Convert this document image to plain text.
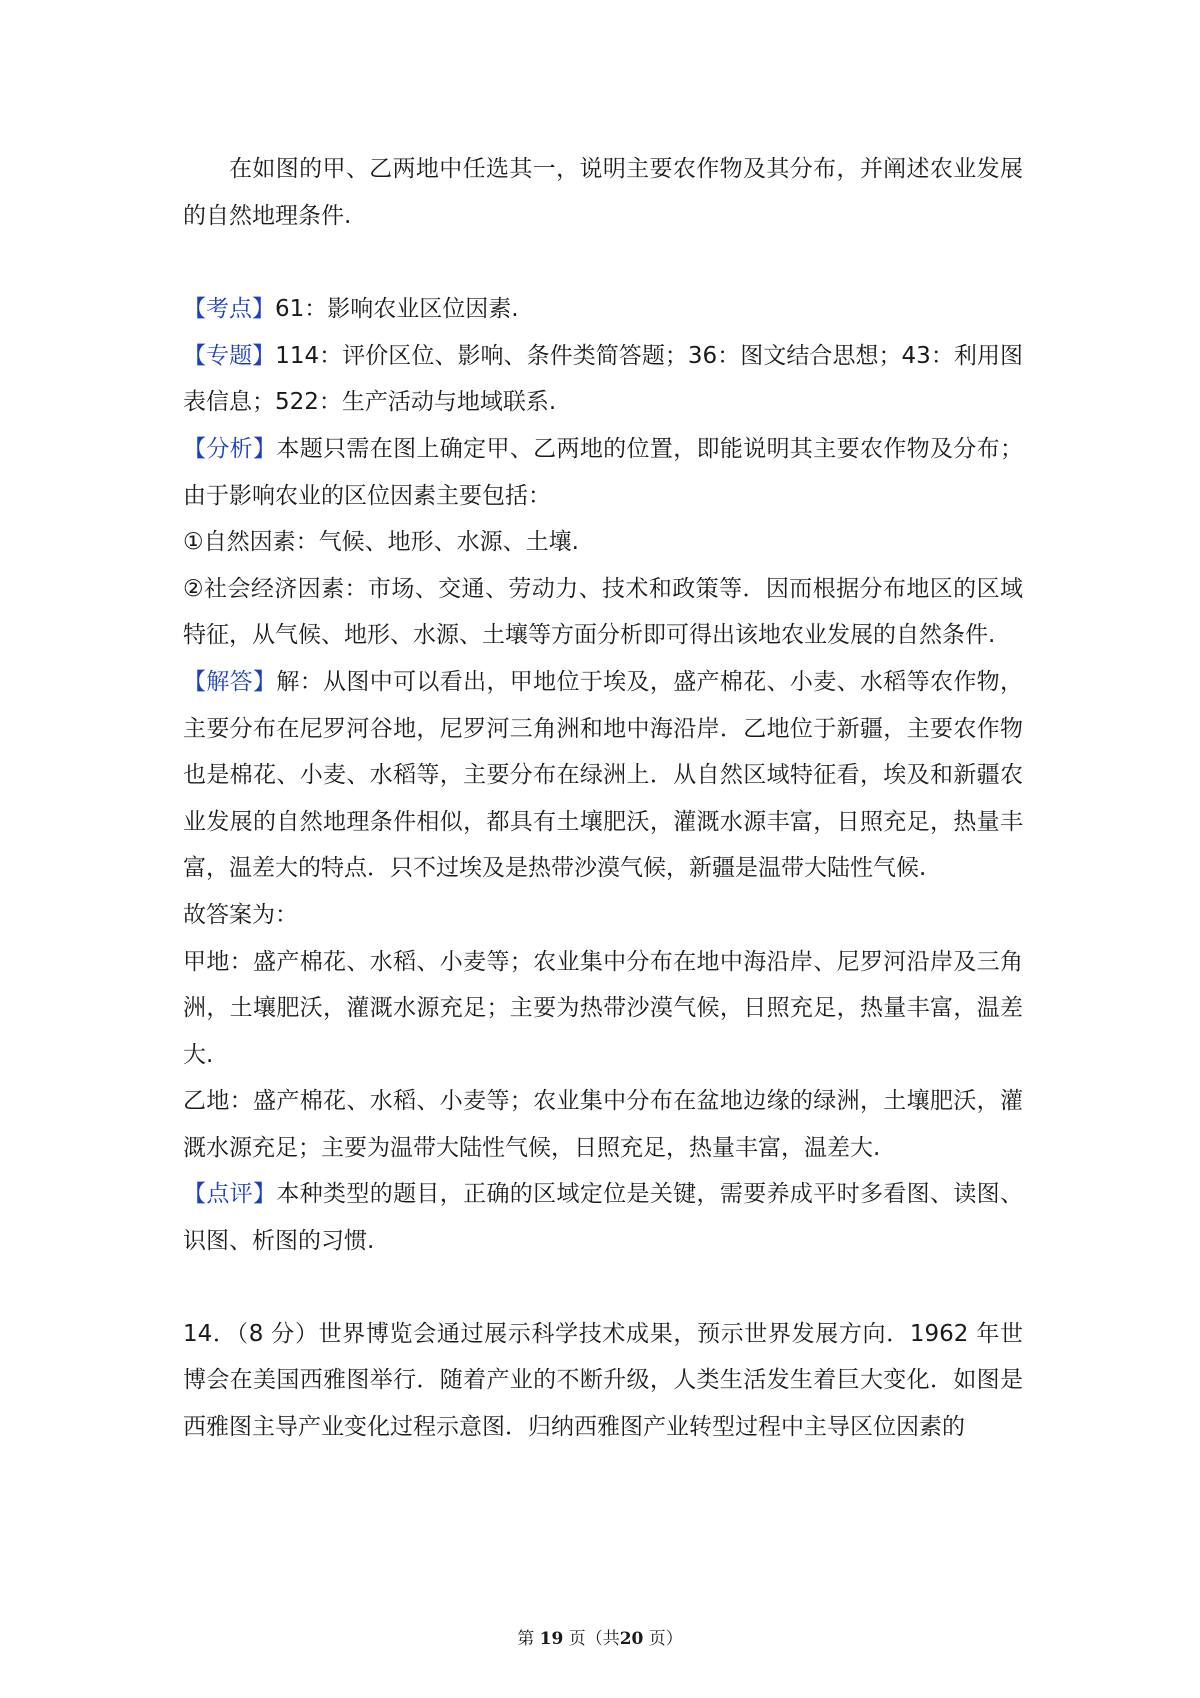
在如图的甲、乙两地中任选其一，说明主要农作物及其分布，并阐述农业发展的自然地理条件.

【考点】61：影响农业区位因素.

【专题】114：评价区位、影响、条件类简答题；36：图文结合思想；43：利用图表信息；522：生产活动与地域联系.

【分析】本题只需在图上确定甲、乙两地的位置，即能说明其主要农作物及分布；由于影响农业的区位因素主要包括：

①自然因素：气候、地形、水源、土壤.

②社会经济因素：市场、交通、劳动力、技术和政策等．因而根据分布地区的区域特征，从气候、地形、水源、土壤等方面分析即可得出该地农业发展的自然条件.

【解答】解：从图中可以看出，甲地位于埃及，盛产棉花、小麦、水稻等农作物，主要分布在尼罗河谷地，尼罗河三角洲和地中海沿岸．乙地位于新疆，主要农作物也是棉花、小麦、水稻等，主要分布在绿洲上．从自然区域特征看，埃及和新疆农业发展的自然地理条件相似，都具有土壤肥沃，灌溉水源丰富，日照充足，热量丰富，温差大的特点．只不过埃及是热带沙漠气候，新疆是温带大陆性气候.

故答案为：

甲地：盛产棉花、水稻、小麦等；农业集中分布在地中海沿岸、尼罗河沿岸及三角洲，土壤肥沃，灌溉水源充足；主要为热带沙漠气候，日照充足，热量丰富，温差大.

乙地：盛产棉花、水稻、小麦等；农业集中分布在盆地边缘的绿洲，土壤肥沃，灌溉水源充足；主要为温带大陆性气候，日照充足，热量丰富，温差大.

【点评】本种类型的题目，正确的区域定位是关键，需要养成平时多看图、读图、识图、析图的习惯.

14．（8 分）世界博览会通过展示科学技术成果，预示世界发展方向．1962 年世博会在美国西雅图举行．随着产业的不断升级，人类生活发生着巨大变化．如图是西雅图主导产业变化过程示意图．归纳西雅图产业转型过程中主导区位因素的

第 19 页（共20 页）
